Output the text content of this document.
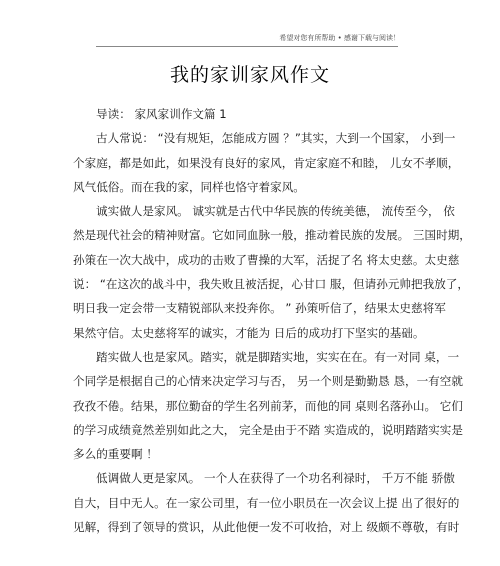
希望对您有所帮助 • 感谢下载与阅读！
我的家训家风作文
导读： 家风家训作文篇 1
古人常说： “没有规矩，怎能成方圆 ？”其实，大到一个国家， 小到一
个家庭，都是如此，如果没有良好的家风，肯定家庭不和睦， 儿女不孝顺，
风气低俗。而在我的家，同样也恪守着家风。
诚实做人是家风。 诚实就是古代中华民族的传统美德， 流传至今， 依
然是现代社会的精神财富。它如同血脉一般，推动着民族的发展。 三国时期，
孙策在一次大战中，成功的击败了曹操的大军，活捉了名 将太史慈。太史慈
说： “在这次的战斗中，我失败且被活捉，心甘口 服，但请孙元帅把我放了，
明日我一定会带一支精锐部队来投奔你。 ” 孙策听信了，结果太史慈将军
果然守信。太史慈将军的诚实，才能为 日后的成功打下坚实的基础。
踏实做人也是家风。踏实，就是脚踏实地，实实在在。有一对同 桌，一
个同学是根据自己的心情来决定学习与否， 另一个则是勤勤恳 恳，一有空就
孜孜不倦。结果，那位勤奋的学生名列前茅，而他的同 桌则名落孙山。 它们
的学习成绩竟然差别如此之大， 完全是由于不踏 实造成的，说明踏踏实实是
多么的重要啊 ！
低调做人更是家风。 一个人在获得了一个功名利禄时， 千万不能 骄傲
自大，目中无人。在一家公司里，有一位小职员在一次会议上提 出了很好的
见解，得到了领导的赏识，从此他便一发不可收拾，对上 级颇不尊敬，有时
